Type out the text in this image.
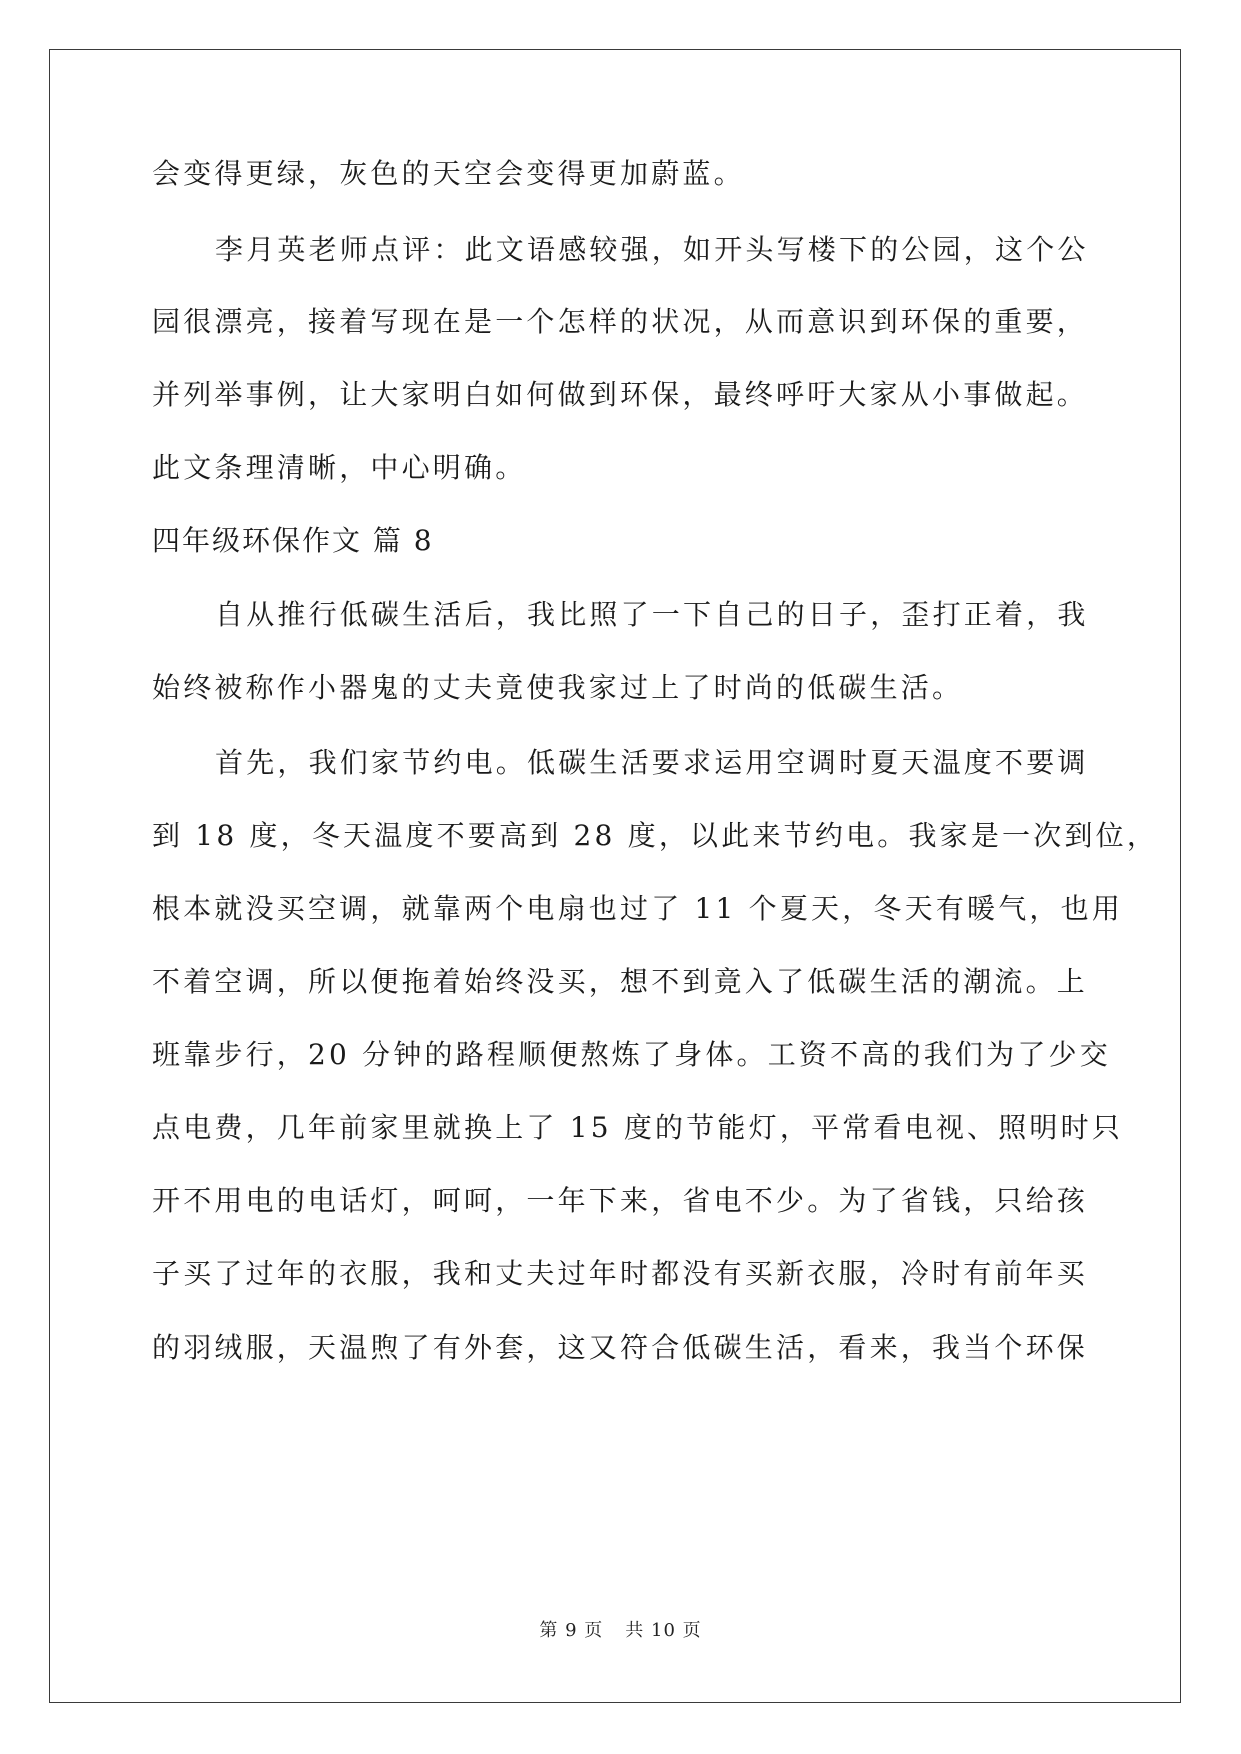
会变得更绿，灰色的天空会变得更加蔚蓝。
李月英老师点评：此文语感较强，如开头写楼下的公园，这个公
园很漂亮，接着写现在是一个怎样的状况，从而意识到环保的重要，
并列举事例，让大家明白如何做到环保，最终呼吁大家从小事做起。
此文条理清晰，中心明确。
四年级环保作文 篇 8
自从推行低碳生活后，我比照了一下自己的日子，歪打正着，我
始终被称作小器鬼的丈夫竟使我家过上了时尚的低碳生活。
首先，我们家节约电。低碳生活要求运用空调时夏天温度不要调
到 18 度，冬天温度不要高到 28 度，以此来节约电。我家是一次到位，
根本就没买空调，就靠两个电扇也过了 11 个夏天，冬天有暖气，也用
不着空调，所以便拖着始终没买，想不到竟入了低碳生活的潮流。上
班靠步行，20 分钟的路程顺便熬炼了身体。工资不高的我们为了少交
点电费，几年前家里就换上了 15 度的节能灯，平常看电视、照明时只
开不用电的电话灯，呵呵，一年下来，省电不少。为了省钱，只给孩
子买了过年的衣服，我和丈夫过年时都没有买新衣服，冷时有前年买
的羽绒服，天温煦了有外套，这又符合低碳生活，看来，我当个环保
第 9 页 共 10 页
